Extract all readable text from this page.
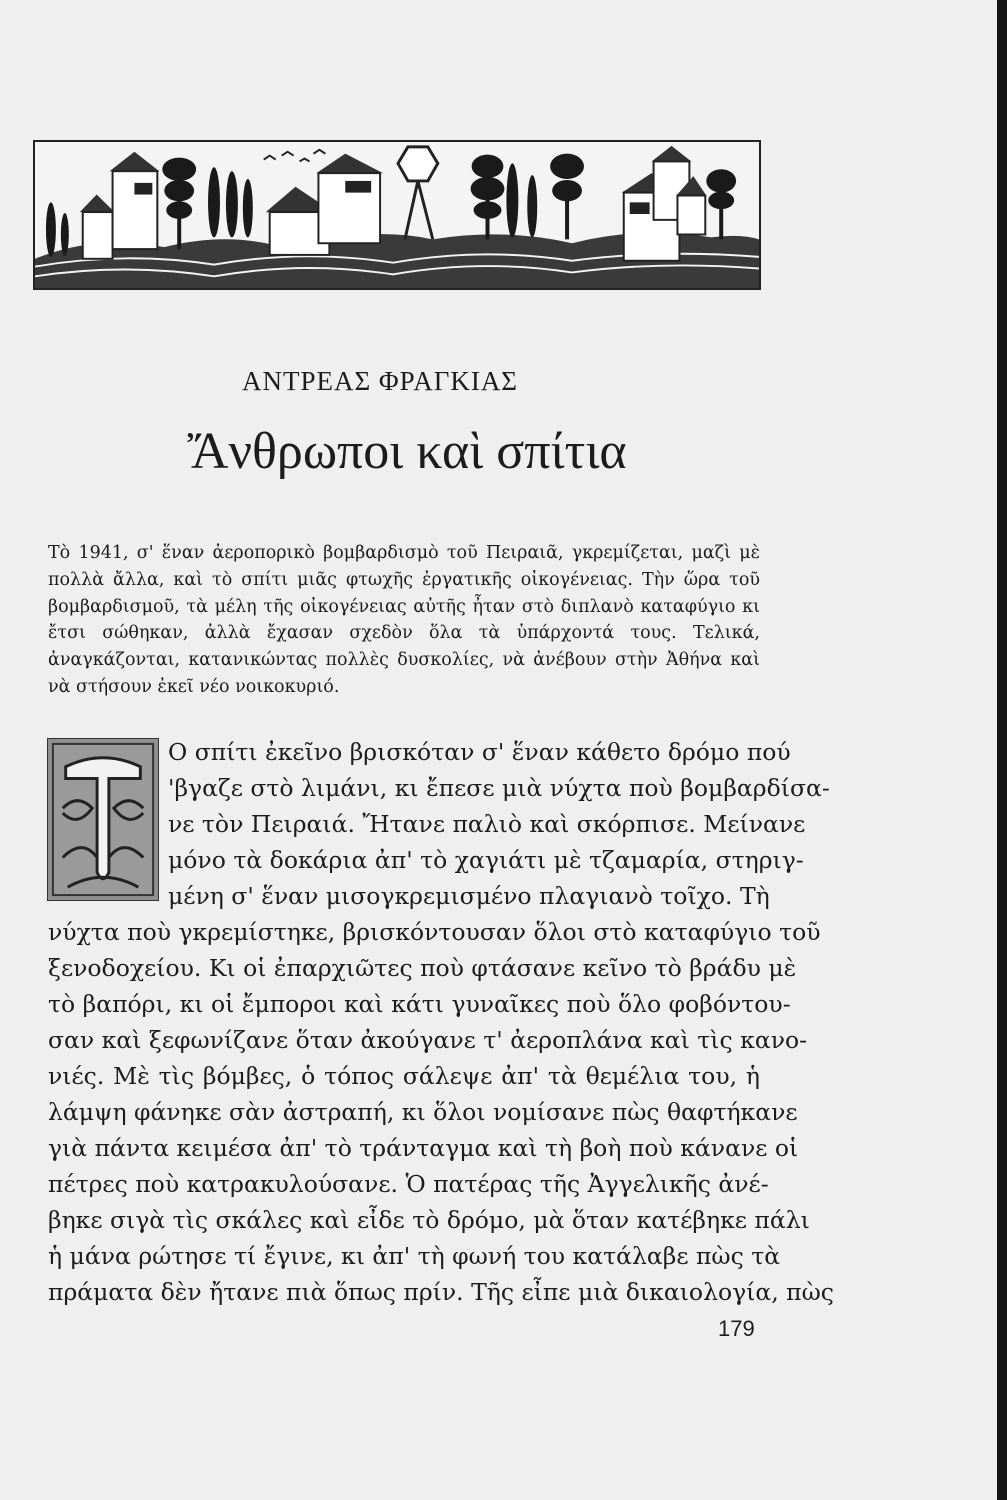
ΑΝΤΡΕΑΣ ΦΡΑΓΚΙΑΣ
Ἄνθρωποι καὶ σπίτια
Τὸ 1941, σ' ἕναν ἀεροπορικὸ βομβαρδισμὸ τοῦ Πειραιᾶ, γκρεμίζεται, μαζὶ μὲ πολλὰ ἄλλα, καὶ τὸ σπίτι μιᾶς φτωχῆς ἐργατικῆς οἰκογένειας. Τὴν ὥρα τοῦ βομβαρδισμοῦ, τὰ μέλη τῆς οἰκογένειας αὐτῆς ἦταν στὸ διπλανὸ καταφύγιο κι ἔτσι σώθηκαν, ἀλλὰ ἔχασαν σχεδὸν ὅλα τὰ ὑπάρχοντά τους. Τελικά, ἀναγκάζονται, κατανικώντας πολλὲς δυσκολίες, νὰ ἀνέβουν στὴν Ἀθήνα καὶ νὰ στήσουν ἐκεῖ νέο νοικοκυριό.
Ο σπίτι ἐκεῖνο βρισκόταν σ' ἕναν κάθετο δρόμο πού
'βγαζε στὸ λιμάνι, κι ἔπεσε μιὰ νύχτα ποὺ βομβαρδίσα-
νε τὸν Πειραιά. Ἤτανε παλιὸ καὶ σκόρπισε. Μείνανε
μόνο τὰ δοκάρια ἀπ' τὸ χαγιάτι μὲ τζαμαρία, στηριγ-
μένη σ' ἕναν μισογκρεμισμένο πλαγιανὸ τοῖχο. Τὴ
νύχτα ποὺ γκρεμίστηκε, βρισκόντουσαν ὅλοι στὸ καταφύγιο τοῦ
ξενοδοχείου. Κι οἱ ἐπαρχιῶτες ποὺ φτάσανε κεῖνο τὸ βράδυ μὲ
τὸ βαπόρι, κι οἱ ἔμποροι καὶ κάτι γυναῖκες ποὺ ὅλο φοβόντου-
σαν καὶ ξεφωνίζανε ὅταν ἀκούγανε τ' ἀεροπλάνα καὶ τὶς κανο-
νιές. Μὲ τὶς βόμβες, ὁ τόπος σάλεψε ἀπ' τὰ θεμέλια του, ἡ
λάμψη φάνηκε σὰν ἀστραπή, κι ὅλοι νομίσανε πὼς θαφτήκανε
γιὰ πάντα κειμέσα ἀπ' τὸ τράνταγμα καὶ τὴ βοὴ ποὺ κάνανε οἱ
πέτρες ποὺ κατρακυλούσανε. Ὁ πατέρας τῆς Ἀγγελικῆς ἀνέ-
βηκε σιγὰ τὶς σκάλες καὶ εἶδε τὸ δρόμο, μὰ ὅταν κατέβηκε πάλι
ἡ μάνα ρώτησε τί ἔγινε, κι ἀπ' τὴ φωνή του κατάλαβε πὼς τὰ
πράματα δὲν ἤτανε πιὰ ὅπως πρίν. Τῆς εἶπε μιὰ δικαιολογία, πὼς
179
